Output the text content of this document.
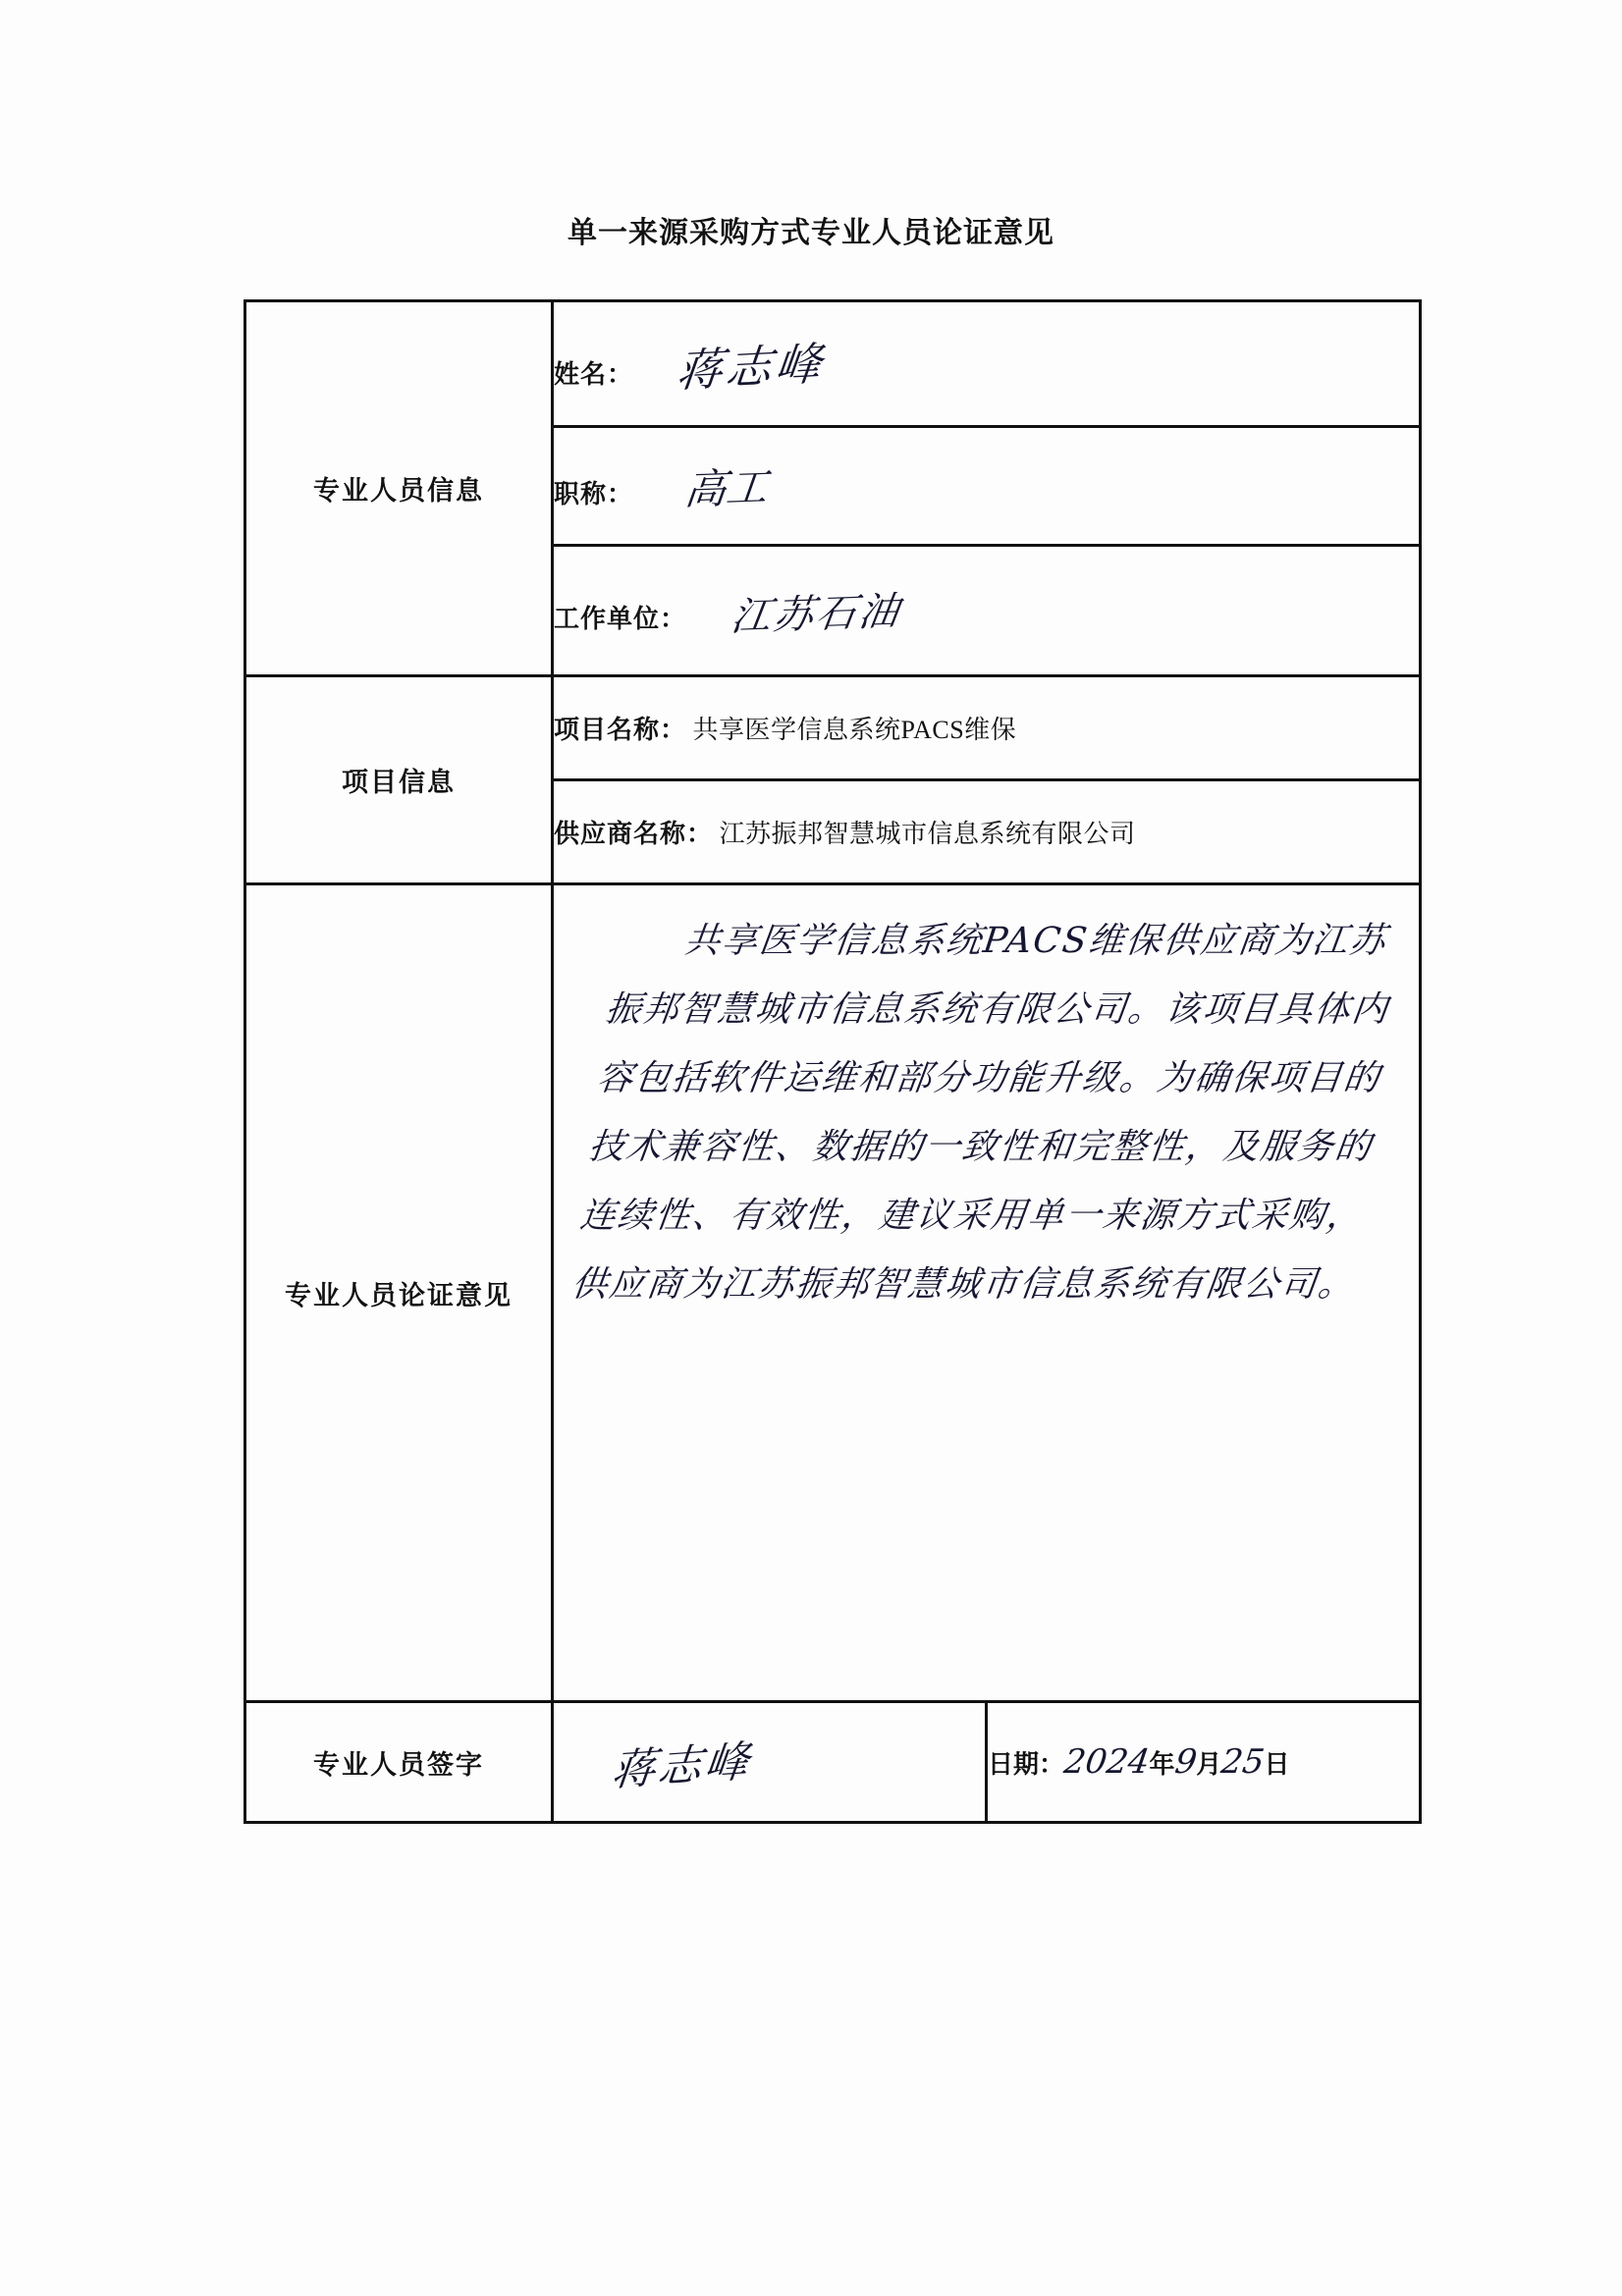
单一来源采购方式专业人员论证意见
专业人员信息	姓名： 蒋志峰	
	职称： 高工	
	工作单位： 江苏石油	
项目信息	项目名称： 共享医学信息系统PACS维保	
	供应商名称： 江苏振邦智慧城市信息系统有限公司	
专业人员论证意见	共享医学信息系统PACS维保供应商为江苏振邦智慧城市信息系统有限公司。该项目具体内容包括软件运维和部分功能升级。为确保项目的技术兼容性、数据的一致性和完整性，及服务的连续性、有效性，建议采用单一来源方式采购，供应商为江苏振邦智慧城市信息系统有限公司。	

专业人员签字	蒋志峰	日期：2024年9月25日
